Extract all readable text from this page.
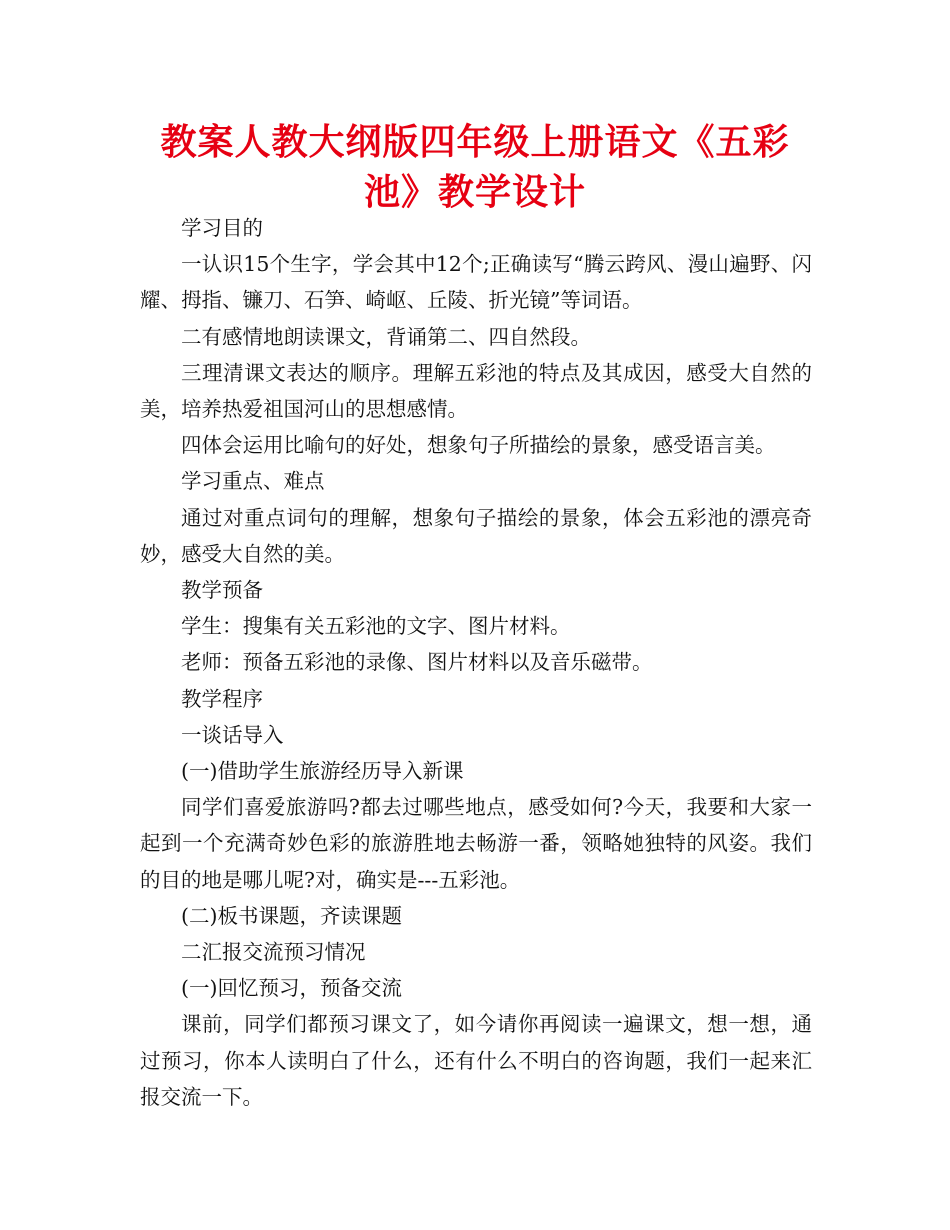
教案人教大纲版四年级上册语文《五彩池》教学设计

学习目的

一认识15个生字，学会其中12个;正确读写“腾云跨风、漫山遍野、闪耀、拇指、镰刀、石笋、崎岖、丘陵、折光镜”等词语。

二有感情地朗读课文，背诵第二、四自然段。

三理清课文表达的顺序。理解五彩池的特点及其成因，感受大自然的美，培养热爱祖国河山的思想感情。

四体会运用比喻句的好处，想象句子所描绘的景象，感受语言美。

学习重点、难点

通过对重点词句的理解，想象句子描绘的景象，体会五彩池的漂亮奇妙，感受大自然的美。

教学预备

学生：搜集有关五彩池的文字、图片材料。

老师：预备五彩池的录像、图片材料以及音乐磁带。

教学程序

一谈话导入

(一)借助学生旅游经历导入新课

同学们喜爱旅游吗?都去过哪些地点，感受如何?今天，我要和大家一起到一个充满奇妙色彩的旅游胜地去畅游一番，领略她独特的风姿。我们的目的地是哪儿呢?对，确实是---五彩池。

(二)板书课题，齐读课题

二汇报交流预习情况

(一)回忆预习，预备交流

课前，同学们都预习课文了，如今请你再阅读一遍课文，想一想，通过预习，你本人读明白了什么，还有什么不明白的咨询题，我们一起来汇报交流一下。
